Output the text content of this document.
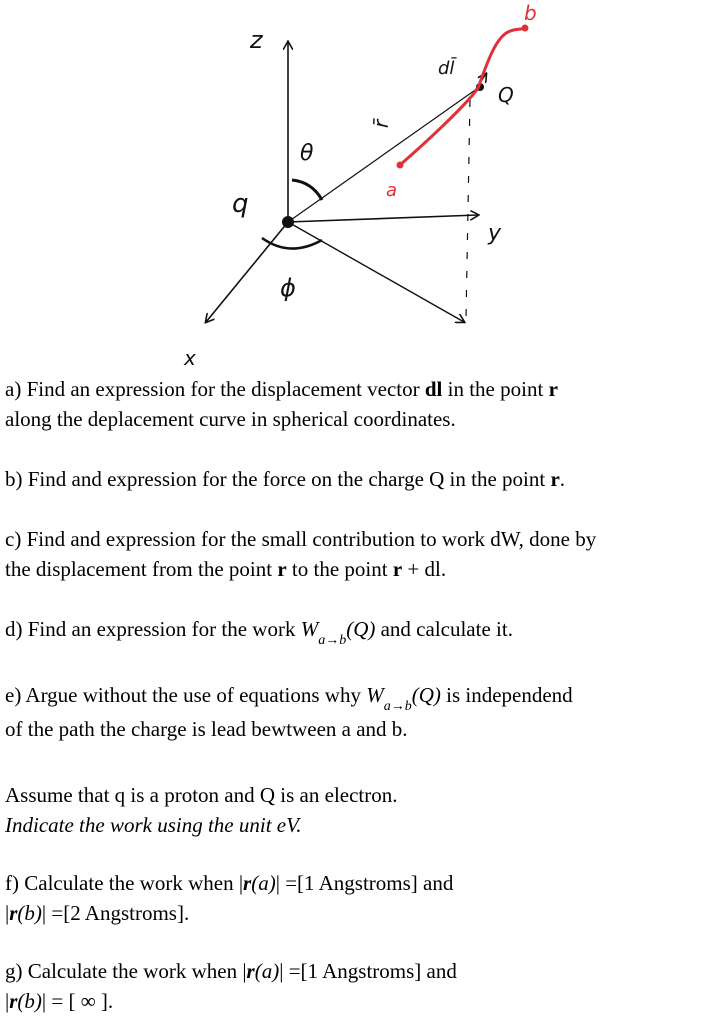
z
x
y
q
θ
ϕ
r̄
dl̄
Q
a
b

a) Find an expression for the displacement vector dl in the point r
along the deplacement curve in spherical coordinates.

b) Find and expression for the force on the charge Q in the point r.

c) Find and expression for the small contribution to work dW, done by
the displacement from the point r to the point r + dl.

d) Find an expression for the work $W_{a\to b}(Q)$ and calculate it.

e) Argue without the use of equations why $W_{a\to b}(Q)$ is independend
of the path the charge is lead bewtween a and b.

Assume that q is a proton and Q is an electron.
Indicate the work using the unit eV.

f) Calculate the work when |r(a)| =[1 Angstroms] and
|r(b)| =[2 Angstroms].

g) Calculate the work when |r(a)| =[1 Angstroms] and
|r(b)| = [ ∞ ].
